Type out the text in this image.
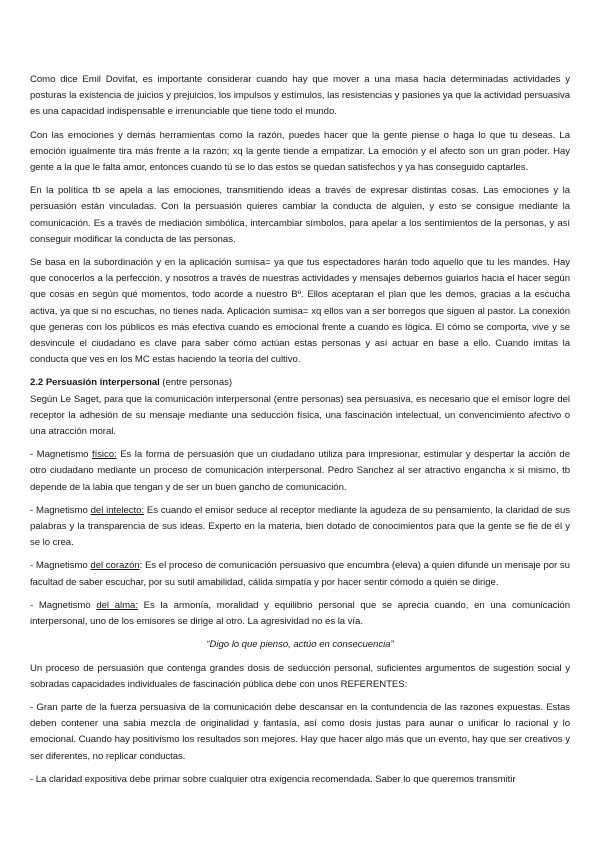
Como dice Emil Dovifat, es importante considerar cuando hay que mover a una masa hacia determinadas actividades y posturas la existencia de juicios y prejuicios, los impulsos y estímulos, las resistencias y pasiones ya que la actividad persuasiva es una capacidad indispensable e irrenunciable que tiene todo el mundo.

Con las emociones y demás herramientas como la razón, puedes hacer que la gente piense o haga lo que tu deseas. La emoción igualmente tira más frente a la razón; xq la gente tiende a empatizar. La emoción y el afecto son un gran poder. Hay gente a la que le falta amor, entonces cuando tú se lo das estos se quedan satisfechos y ya has conseguido captarles.

En la política tb se apela a las emociones, transmitiendo ideas a través de expresar distintas cosas. Las emociones y la persuasión están vinculadas. Con la persuasión quieres cambiar la conducta de alguien, y esto se consigue mediante la comunicación. Es a través de mediación simbólica, intercambiar símbolos, para apelar a los sentimientos de la personas, y así conseguir modificar la conducta de las personas.

Se basa en la subordinación y en la aplicación sumisa= ya que tus espectadores harán todo aquello que tu les mandes. Hay que conocerlos a la perfección, y nosotros a través de nuestras actividades y mensajes debemos guiarlos hacia el hacer según que cosas en según qué momentos, todo acorde a nuestro Bº. Ellos aceptaran el plan que les demos, gracias a la escucha activa, ya que si no escuchas, no tienes nada. Aplicación sumisa= xq ellos van a ser borregos que siguen al pastor. La conexión que generas con los públicos es más efectiva cuando es emocional frente a cuando es lógica. El cómo se comporta, vive y se desvincule el ciudadano es clave para saber cómo actúan estas personas y así actuar en base a ello. Cuando imitas la conducta que ves en los MC estas haciendo la teoría del cultivo.

2.2 Persuasión interpersonal (entre personas)

Según Le Saget, para que la comunicación interpersonal (entre personas) sea persuasiva, es necesario que el emisor logre del receptor la adhesión de su mensaje mediante una seducción física, una fascinación intelectual, un convencimiento afectivo o una atracción moral.

- Magnetismo físico: Es la forma de persuasión que un ciudadano utiliza para impresionar, estimular y despertar la acción de otro ciudadano mediante un proceso de comunicación interpersonal. Pedro Sanchez al ser atractivo engancha x si mismo, tb depende de la labia que tengan y de ser un buen gancho de comunicación.

- Magnetismo del intelecto: Es cuando el emisor seduce al receptor mediante la agudeza de su pensamiento, la claridad de sus palabras y la transparencia de sus ideas. Experto en la materia, bien dotado de conocimientos para que la gente se fie de él y se lo crea.

- Magnetismo del corazón: Es el proceso de comunicación persuasivo que encumbra (eleva) a quien difunde un mensaje por su facultad de saber escuchar, por su sutil amabilidad, cálida simpatía y por hacer sentir cómodo a quién se dirige.

- Magnetismo del alma: Es la armonía, moralidad y equilibrio personal que se aprecia cuando, en una comunicación interpersonal, uno de los emisores se dirige al otro. La agresividad no es la vía.

“Digo lo que pienso, actúo en consecuencia”

Un proceso de persuasión que contenga grandes dosis de seducción personal, suficientes argumentos de sugestión social y sobradas capacidades individuales de fascinación pública debe con unos REFERENTES:

- Gran parte de la fuerza persuasiva de la comunicación debe descansar en la contundencia de las razones expuestas. Estas deben contener una sabia mezcla de originalidad y fantasía, así como dosis justas para aunar o unificar lo racional y lo emocional. Cuando hay positivismo los resultados son mejores. Hay que hacer algo más que un evento, hay que ser creativos y ser diferentes, no replicar conductas.

- La claridad expositiva debe primar sobre cualquier otra exigencia recomendada. Saber lo que queremos transmitir
